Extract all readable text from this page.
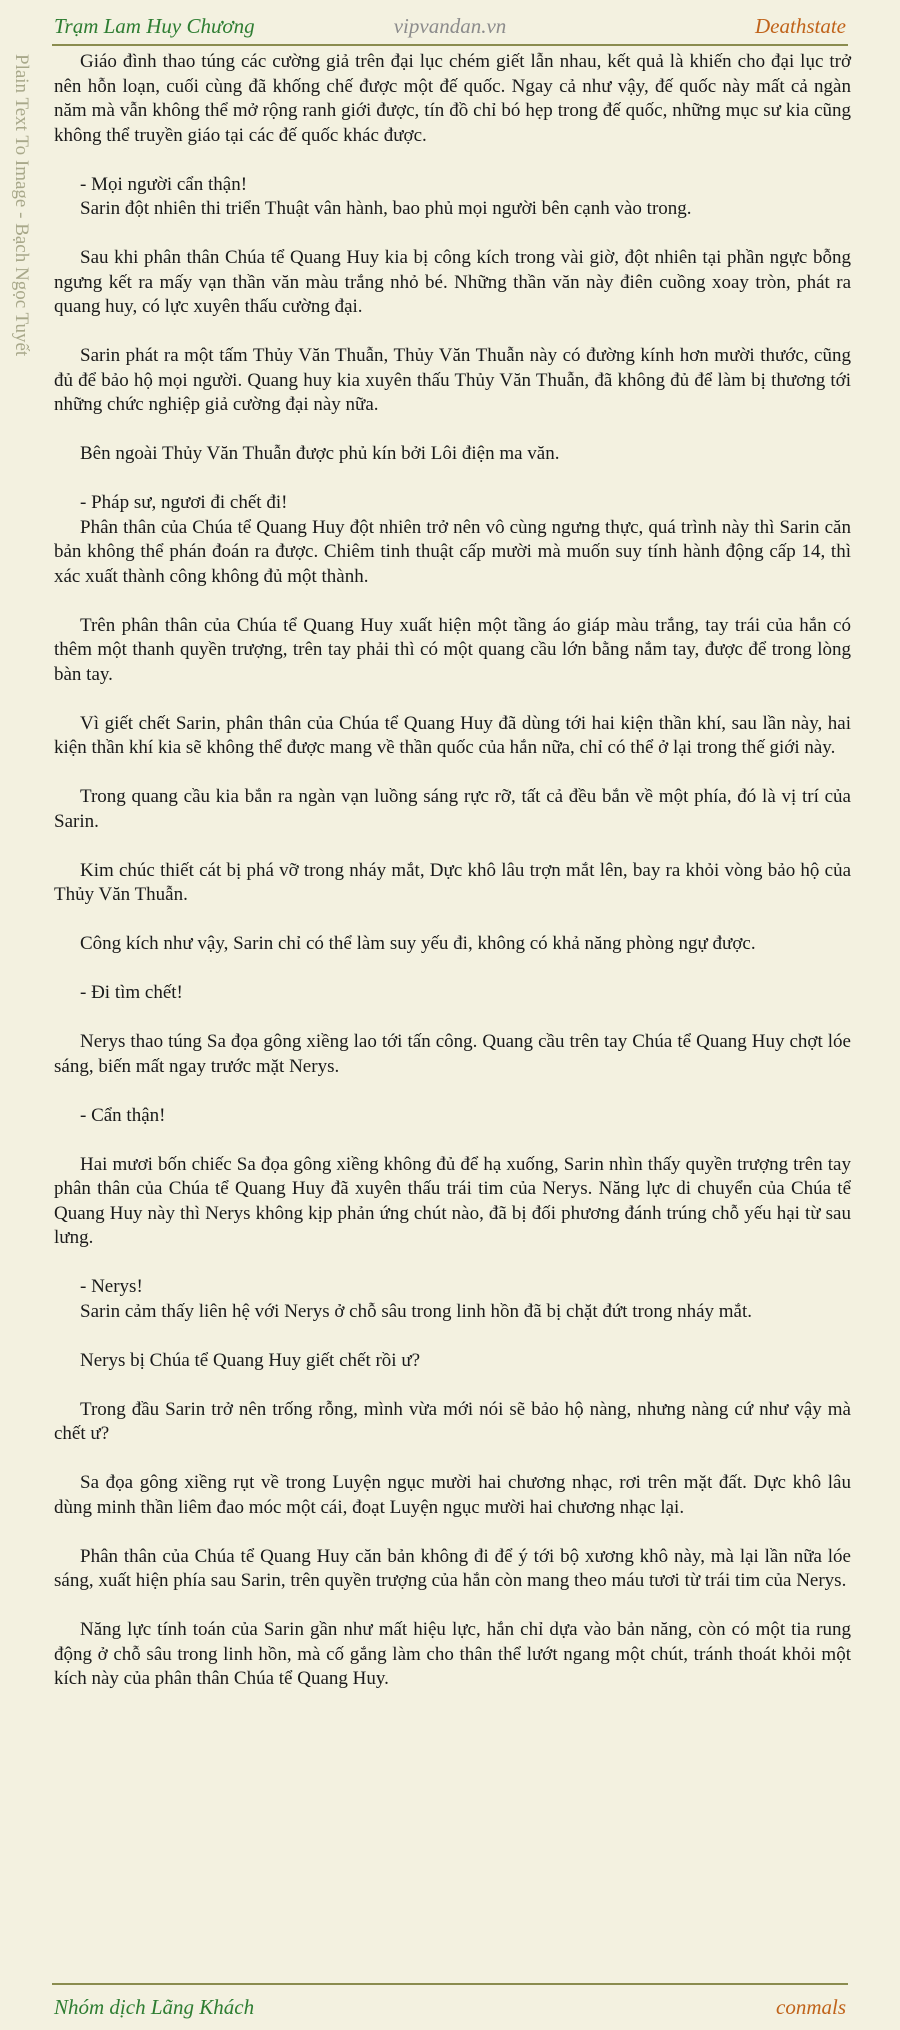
Trạm Lam Huy Chương	vipvandan.vn	Deathstate
Plain Text To Image - Bạch Ngọc Tuyết	Giáo đình thao túng các cường giả trên đại lục chém giết lẫn nhau, kết quả là khiến cho đại lục trở nên hỗn loạn, cuối cùng đã khống chế được một đế quốc. Ngay cả như vậy, đế quốc này mất cả ngàn năm mà vẫn không thể mở rộng ranh giới được, tín đồ chỉ bó hẹp trong đế quốc, những mục sư kia cũng không thể truyền giáo tại các đế quốc khác được.

- Mọi người cẩn thận!

Sarin đột nhiên thi triển Thuật vân hành, bao phủ mọi người bên cạnh vào trong.

Sau khi phân thân Chúa tể Quang Huy kia bị công kích trong vài giờ, đột nhiên tại phần ngực bỗng ngưng kết ra mấy vạn thần văn màu trắng nhỏ bé. Những thần văn này điên cuồng xoay tròn, phát ra quang huy, có lực xuyên thấu cường đại.

Sarin phát ra một tấm Thủy Văn Thuẫn, Thủy Văn Thuẫn này có đường kính hơn mười thước, cũng đủ để bảo hộ mọi người. Quang huy kia xuyên thấu Thủy Văn Thuẫn, đã không đủ để làm bị thương tới những chức nghiệp giả cường đại này nữa.

Bên ngoài Thủy Văn Thuẫn được phủ kín bởi Lôi điện ma văn.

- Pháp sư, ngươi đi chết đi!

Phân thân của Chúa tể Quang Huy đột nhiên trở nên vô cùng ngưng thực, quá trình này thì Sarin căn bản không thể phán đoán ra được. Chiêm tinh thuật cấp mười mà muốn suy tính hành động cấp 14, thì xác xuất thành công không đủ một thành.

Trên phân thân của Chúa tể Quang Huy xuất hiện một tầng áo giáp màu trắng, tay trái của hắn có thêm một thanh quyền trượng, trên tay phải thì có một quang cầu lớn bằng nắm tay, được để trong lòng bàn tay.

Vì giết chết Sarin, phân thân của Chúa tể Quang Huy đã dùng tới hai kiện thần khí, sau lần này, hai kiện thần khí kia sẽ không thể được mang về thần quốc của hắn nữa, chỉ có thể ở lại trong thế giới này.

Trong quang cầu kia bắn ra ngàn vạn luồng sáng rực rỡ, tất cả đều bắn về một phía, đó là vị trí của Sarin.

Kim chúc thiết cát bị phá vỡ trong nháy mắt, Dực khô lâu trợn mắt lên, bay ra khỏi vòng bảo hộ của Thủy Văn Thuẫn.

Công kích như vậy, Sarin chỉ có thể làm suy yếu đi, không có khả năng phòng ngự được.

- Đi tìm chết!

Nerys thao túng Sa đọa gông xiềng lao tới tấn công. Quang cầu trên tay Chúa tể Quang Huy chợt lóe sáng, biến mất ngay trước mặt Nerys.

- Cẩn thận!

Hai mươi bốn chiếc Sa đọa gông xiềng không đủ để hạ xuống, Sarin nhìn thấy quyền trượng trên tay phân thân của Chúa tể Quang Huy đã xuyên thấu trái tim của Nerys. Năng lực di chuyển của Chúa tể Quang Huy này thì Nerys không kịp phản ứng chút nào, đã bị đối phương đánh trúng chỗ yếu hại từ sau lưng.

- Nerys!

Sarin cảm thấy liên hệ với Nerys ở chỗ sâu trong linh hồn đã bị chặt đứt trong nháy mắt.

Nerys bị Chúa tể Quang Huy giết chết rồi ư?

Trong đầu Sarin trở nên trống rỗng, mình vừa mới nói sẽ bảo hộ nàng, nhưng nàng cứ như vậy mà chết ư?

Sa đọa gông xiềng rụt về trong Luyện ngục mười hai chương nhạc, rơi trên mặt đất. Dực khô lâu dùng minh thần liêm đao móc một cái, đoạt Luyện ngục mười hai chương nhạc lại.

Phân thân của Chúa tể Quang Huy căn bản không đi để ý tới bộ xương khô này, mà lại lần nữa lóe sáng, xuất hiện phía sau Sarin, trên quyền trượng của hắn còn mang theo máu tươi từ trái tim của Nerys.

Năng lực tính toán của Sarin gần như mất hiệu lực, hắn chỉ dựa vào bản năng, còn có một tia rung động ở chỗ sâu trong linh hồn, mà cố gắng làm cho thân thể lướt ngang một chút, tránh thoát khỏi một kích này của phân thân Chúa tể Quang Huy.

Nhóm dịch Lãng Khách	conmals
